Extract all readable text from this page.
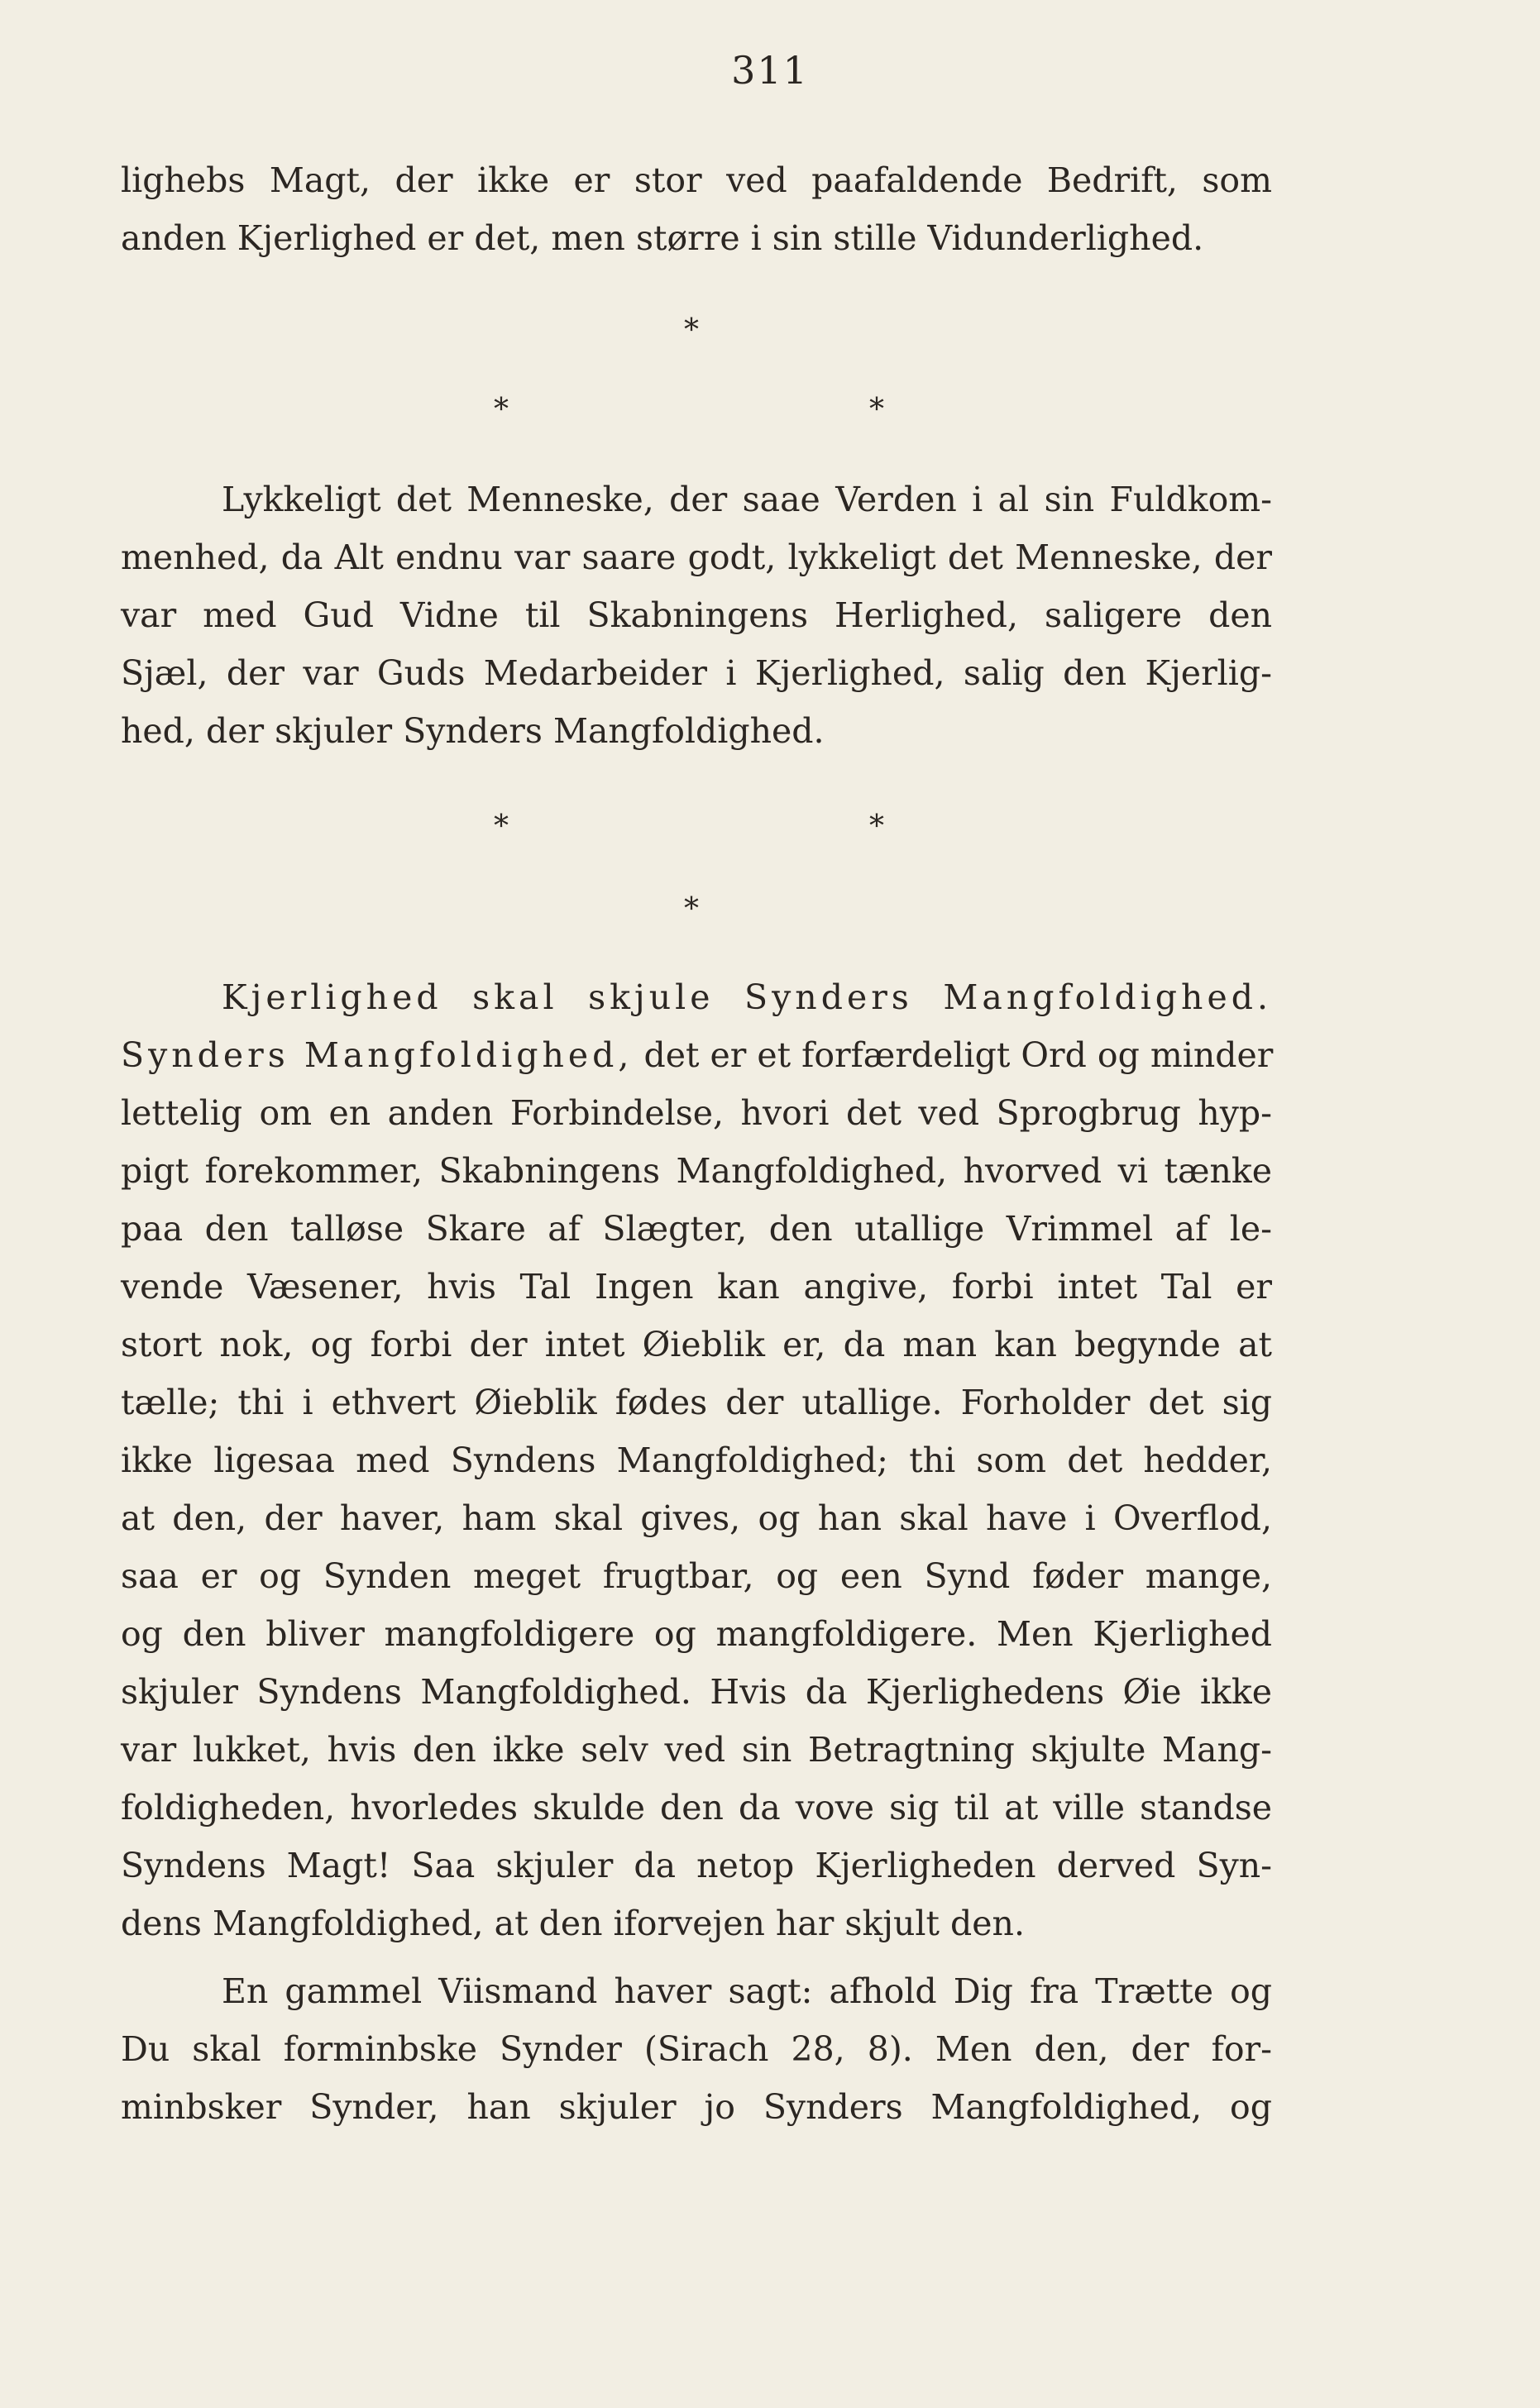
311
lighebs Magt, der ikke er stor ved paafaldende Bedrift, som
anden Kjerlighed er det, men større i sin stille Vidunderlighed.
*
*	*
Lykkeligt det Menneske, der saae Verden i al sin Fuldkom-
menhed, da Alt endnu var saare godt, lykkeligt det Menneske, der
var med Gud Vidne til Skabningens Herlighed, saligere den
Sjæl, der var Guds Medarbeider i Kjerlighed, salig den Kjerlig-
hed, der skjuler Synders Mangfoldighed.
*	*
*
Kjerlighed skal skjule Synders Mangfoldighed.
Synders Mangfoldighed, det er et forfærdeligt Ord og minder
lettelig om en anden Forbindelse, hvori det ved Sprogbrug hyp-
pigt forekommer, Skabningens Mangfoldighed, hvorved vi tænke
paa den talløse Skare af Slægter, den utallige Vrimmel af le-
vende Væsener, hvis Tal Ingen kan angive, forbi intet Tal er
stort nok, og forbi der intet Øieblik er, da man kan begynde at
tælle; thi i ethvert Øieblik fødes der utallige. Forholder det sig
ikke ligesaa med Syndens Mangfoldighed; thi som det hedder,
at den, der haver, ham skal gives, og han skal have i Overflod,
saa er og Synden meget frugtbar, og een Synd føder mange,
og den bliver mangfoldigere og mangfoldigere. Men Kjerlighed
skjuler Syndens Mangfoldighed. Hvis da Kjerlighedens Øie ikke
var lukket, hvis den ikke selv ved sin Betragtning skjulte Mang-
foldigheden, hvorledes skulde den da vove sig til at ville standse
Syndens Magt! Saa skjuler da netop Kjerligheden derved Syn-
dens Mangfoldighed, at den iforvejen har skjult den.
En gammel Viismand haver sagt: afhold Dig fra Trætte og
Du skal forminbske Synder (Sirach 28, 8). Men den, der for-
minbsker Synder, han skjuler jo Synders Mangfoldighed, og
